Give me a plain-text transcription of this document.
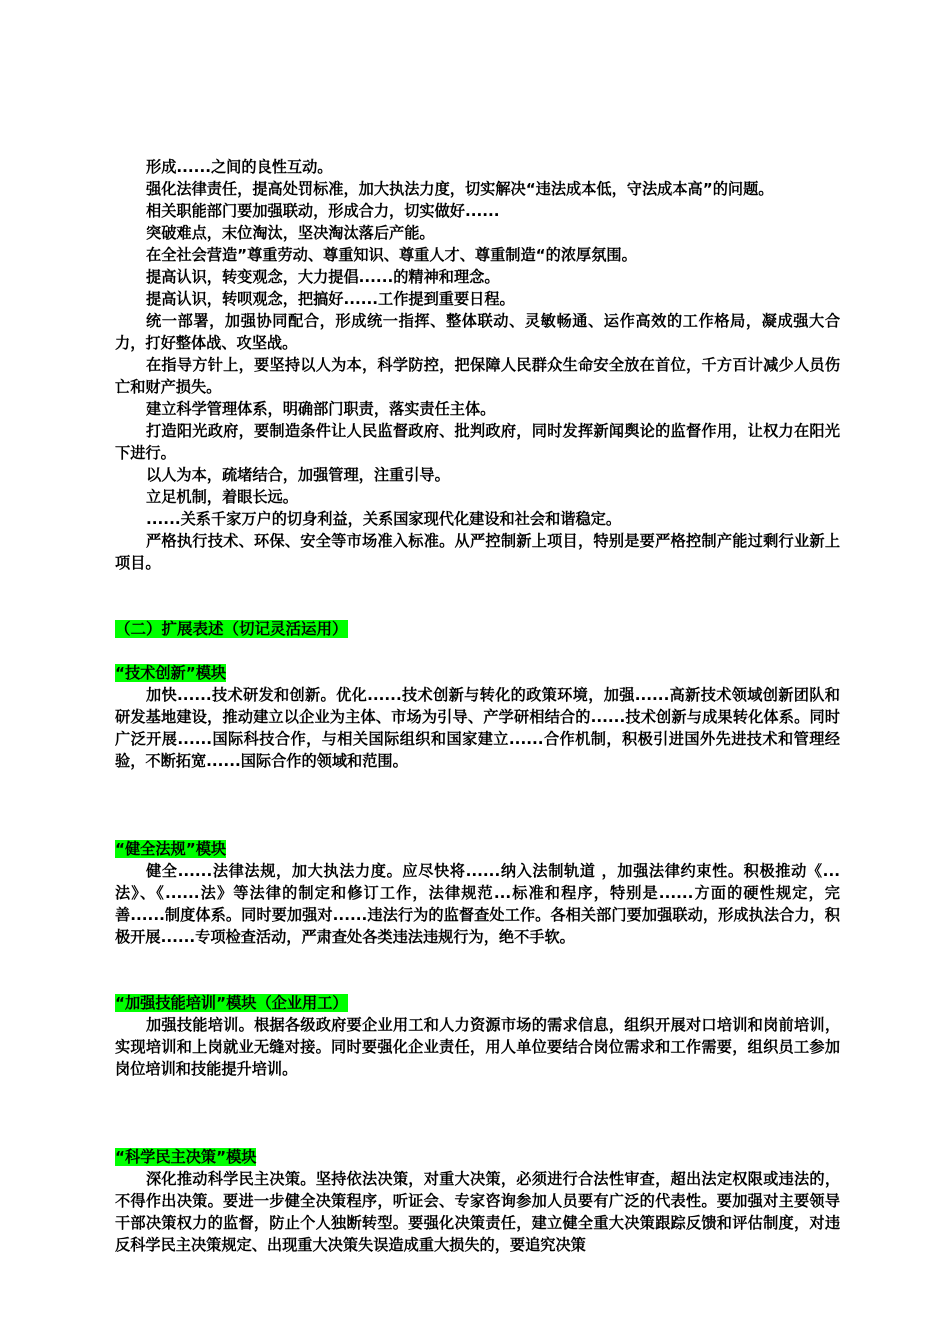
形成......之间的良性互动。

强化法律责任，提高处罚标准，加大执法力度，切实解决“违法成本低，守法成本高”的问题。

相关职能部门要加强联动，形成合力，切实做好......

突破难点，末位淘汰，坚决淘汰落后产能。

在全社会营造”尊重劳动、尊重知识、尊重人才、尊重制造“的浓厚氛围。

提高认识，转变观念，大力提倡......的精神和理念。

提高认识，转呗观念，把搞好......工作提到重要日程。

统一部署，加强协同配合，形成统一指挥、整体联动、灵敏畅通、运作高效的工作格局，凝成强大合力，打好整体战、攻坚战。

在指导方针上，要坚持以人为本，科学防控，把保障人民群众生命安全放在首位，千方百计减少人员伤亡和财产损失。

建立科学管理体系，明确部门职责，落实责任主体。

打造阳光政府，要制造条件让人民监督政府、批判政府，同时发挥新闻舆论的监督作用，让权力在阳光下进行。

以人为本，疏堵结合，加强管理，注重引导。

立足机制，着眼长远。

......关系千家万户的切身利益，关系国家现代化建设和社会和谐稳定。

严格执行技术、环保、安全等市场准入标准。从严控制新上项目，特别是要严格控制产能过剩行业新上项目。

（二）扩展表述（切记灵活运用）

“技术创新”模块

加快......技术研发和创新。优化......技术创新与转化的政策环境，加强......高新技术领域创新团队和研发基地建设，推动建立以企业为主体、市场为引导、产学研相结合的......技术创新与成果转化体系。同时广泛开展......国际科技合作，与相关国际组织和国家建立......合作机制，积极引进国外先进技术和管理经验，不断拓宽......国际合作的领域和范围。

“健全法规”模块

健全......法律法规，加大执法力度。应尽快将......纳入法制轨道 ，加强法律约束性。积极推动《...法》、《......法》等法律的制定和修订工作，法律规范...标准和程序，特别是......方面的硬性规定，完善......制度体系。同时要加强对......违法行为的监督查处工作。各相关部门要加强联动，形成执法合力，积极开展......专项检查活动，严肃查处各类违法违规行为，绝不手软。

“加强技能培训”模块（企业用工）

加强技能培训。根据各级政府要企业用工和人力资源市场的需求信息，组织开展对口培训和岗前培训，实现培训和上岗就业无缝对接。同时要强化企业责任，用人单位要结合岗位需求和工作需要，组织员工参加岗位培训和技能提升培训。

“科学民主决策”模块

深化推动科学民主决策。坚持依法决策，对重大决策，必须进行合法性审查，超出法定权限或违法的，不得作出决策。要进一步健全决策程序，听证会、专家咨询参加人员要有广泛的代表性。要加强对主要领导干部决策权力的监督，防止个人独断转型。要强化决策责任，建立健全重大决策跟踪反馈和评估制度，对违反科学民主决策规定、出现重大决策失误造成重大损失的，要追究决策
